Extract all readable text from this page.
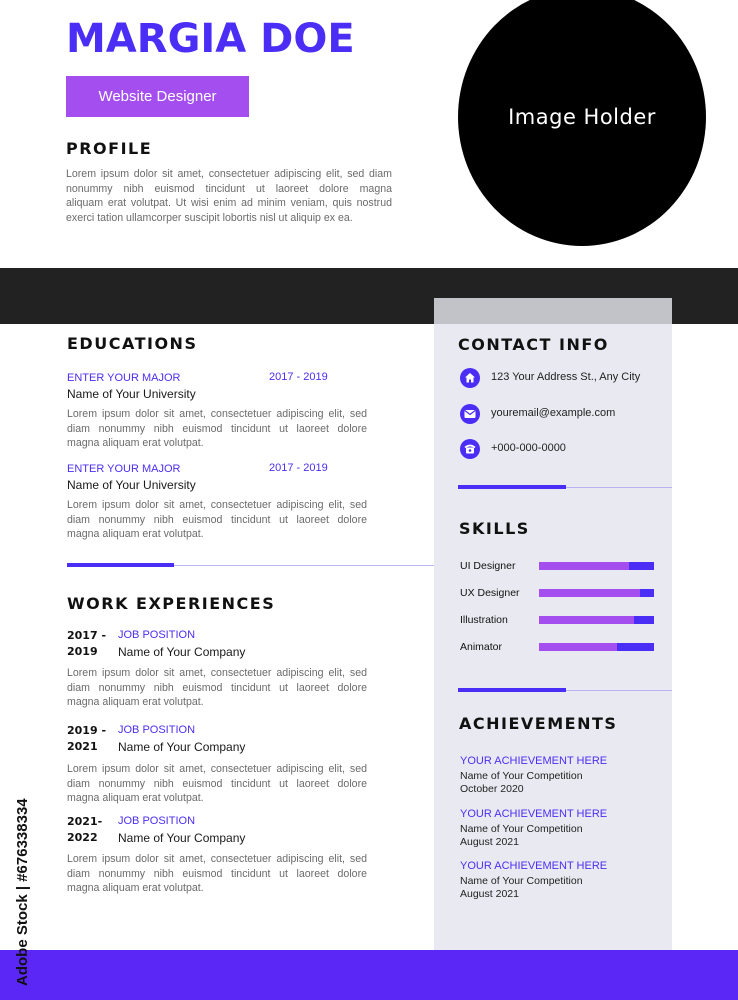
MARGIA DOE
Website Designer
Image Holder
PROFILE
Lorem ipsum dolor sit amet, consectetuer adipiscing elit, sed diam
nonummy nibh euismod tincidunt ut laoreet dolore magna
aliquam erat volutpat. Ut wisi enim ad minim veniam, quis nostrud
exerci tation ullamcorper suscipit lobortis nisl ut aliquip ex ea.
EDUCATIONS
ENTER YOUR MAJOR	2017 - 2019
Name of Your University
Lorem ipsum dolor sit amet, consectetuer adipiscing elit, sed
diam nonummy nibh euismod tincidunt ut laoreet dolore
magna aliquam erat volutpat.
ENTER YOUR MAJOR	2017 - 2019
Name of Your University
Lorem ipsum dolor sit amet, consectetuer adipiscing elit, sed
diam nonummy nibh euismod tincidunt ut laoreet dolore
magna aliquam erat volutpat.
WORK EXPERIENCES
2017 -
2019
JOB POSITION
Name of Your Company
Lorem ipsum dolor sit amet, consectetuer adipiscing elit, sed
diam nonummy nibh euismod tincidunt ut laoreet dolore
magna aliquam erat volutpat.
2019 -
2021
JOB POSITION
Name of Your Company
Lorem ipsum dolor sit amet, consectetuer adipiscing elit, sed
diam nonummy nibh euismod tincidunt ut laoreet dolore
magna aliquam erat volutpat.
2021-
2022
JOB POSITION
Name of Your Company
Lorem ipsum dolor sit amet, consectetuer adipiscing elit, sed
diam nonummy nibh euismod tincidunt ut laoreet dolore
magna aliquam erat volutpat.
CONTACT INFO
123 Your Address St., Any City
youremail@example.com
+000-000-0000
SKILLS
UI Designer
UX Designer
Illustration
Animator
ACHIEVEMENTS
YOUR ACHIEVEMENT HERE
Name of Your Competition
October 2020
YOUR ACHIEVEMENT HERE
Name of Your Competition
August 2021
YOUR ACHIEVEMENT HERE
Name of Your Competition
August 2021
Adobe Stock | #676338334
